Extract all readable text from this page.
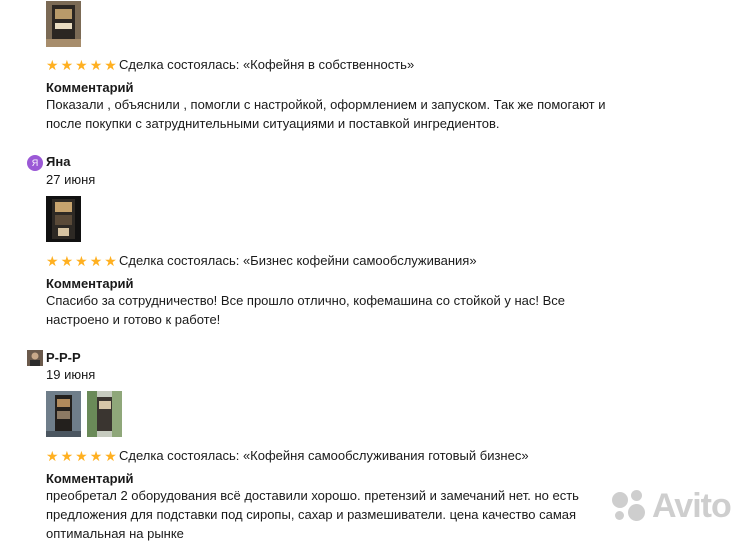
★ ★ ★ ★ ★ Сделка состоялась: «Кофейня в собственность»
Комментарий
Показали , объяснили , помогли с настройкой, оформлением и запуском. Так же помогают и
после покупки с затруднительными ситуациями и поставкой ингредиентов.
Я Яна
27 июня
★ ★ ★ ★ ★ Сделка состоялась: «Бизнес кофейни самообслуживания»
Комментарий
Спасибо за сотрудничество! Все прошло отлично, кофемашина со стойкой у нас! Все
настроено и готово к работе!
Р-Р-Р
19 июня
★ ★ ★ ★ ★ Сделка состоялась: «Кофейня самообслуживания готовый бизнес»
Комментарий
преобретал 2 оборудования всё доставили хорошо. претензий и замечаний нет. но есть
предложения для подставки под сиропы, сахар и размешиватели. цена качество самая
оптимальная на рынке
Avito
